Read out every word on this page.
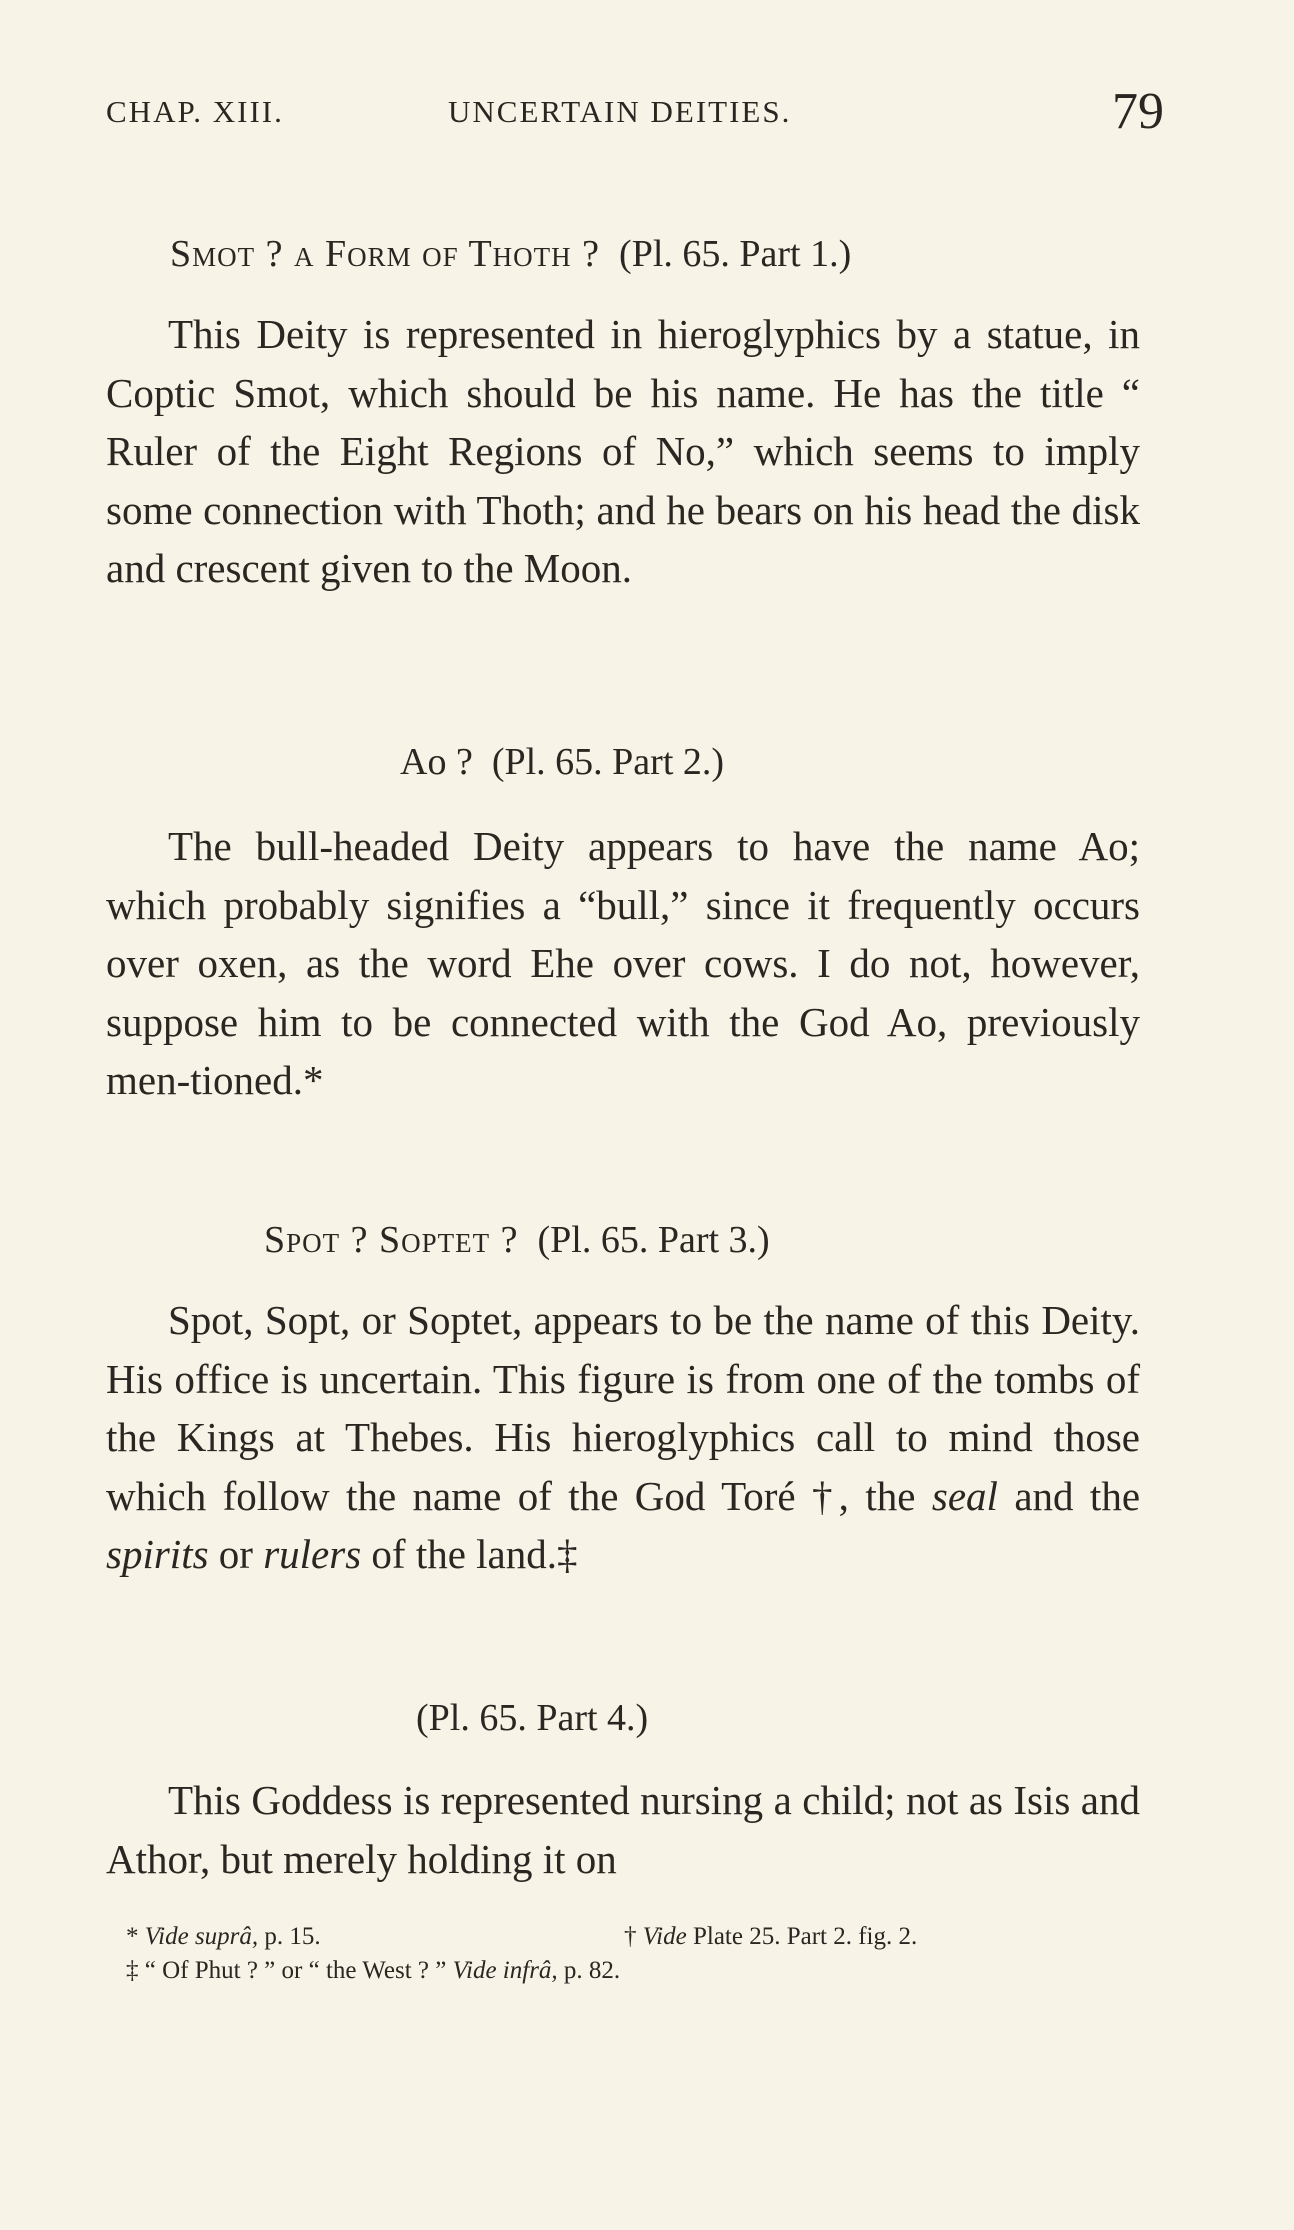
CHAP. XIII.	UNCERTAIN DEITIES.	79
Smot ? a Form of Thoth ? (Pl. 65. Part 1.)

This Deity is represented in hieroglyphics by a statue, in Coptic Smot, which should be his name. He has the title “ Ruler of the Eight Regions of No,” which seems to imply some connection with Thoth; and he bears on his head the disk and crescent given to the Moon.

Ao ? (Pl. 65. Part 2.)

The bull-headed Deity appears to have the name Ao; which probably signifies a “bull,” since it frequently occurs over oxen, as the word Ehe over cows. I do not, however, suppose him to be connected with the God Ao, previously men-tioned.*

Spot ? Soptet ? (Pl. 65. Part 3.)

Spot, Sopt, or Soptet, appears to be the name of this Deity. His office is uncertain. This figure is from one of the tombs of the Kings at Thebes. His hieroglyphics call to mind those which follow the name of the God Toré †, the seal and the spirits or rulers of the land.‡

(Pl. 65. Part 4.)

This Goddess is represented nursing a child; not as Isis and Athor, but merely holding it on

* Vide suprâ, p. 15.	† Vide Plate 25. Part 2. fig. 2.
‡ “ Of Phut ? ” or “ the West ? ” Vide infrâ, p. 82.
